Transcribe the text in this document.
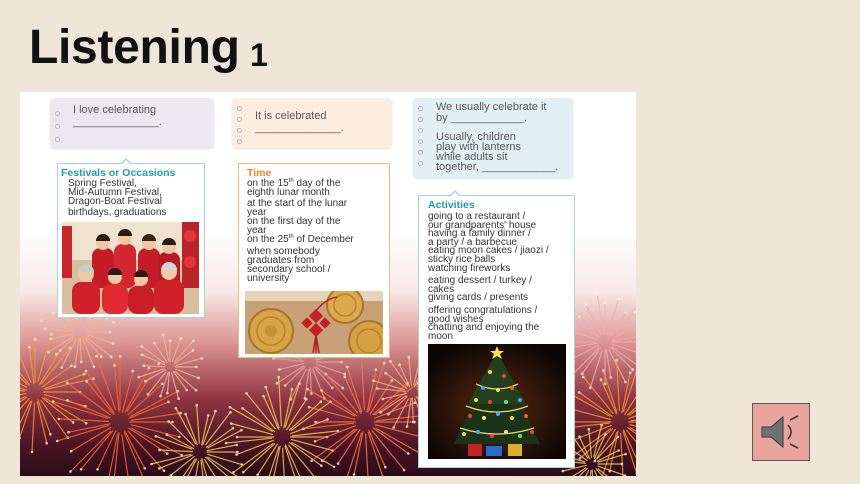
Listening 1
I love celebrating
______________.	It is celebrated
______________.
We usually celebrate it
by ____________.
Usually, children
play with lanterns
while adults sit
together, ____________.
Festivals or Occasions
Spring Festival,
Mid-Autumn Festival,
Dragon-Boat Festival
birthdays, graduations
Time
on the 15th day of the
eighth lunar month
at the start of the lunar
year
on the first day of the
year
on the 25th of December
when somebody
graduates from
secondary school /
university
Activities
going to a restaurant /
our grandparents' house
having a family dinner /
a party / a barbecue
eating moon cakes / jiaozi /
sticky rice balls
watching fireworks
eating dessert / turkey /
cakes
giving cards / presents
offering congratulations /
good wishes
chatting and enjoying the
moon
